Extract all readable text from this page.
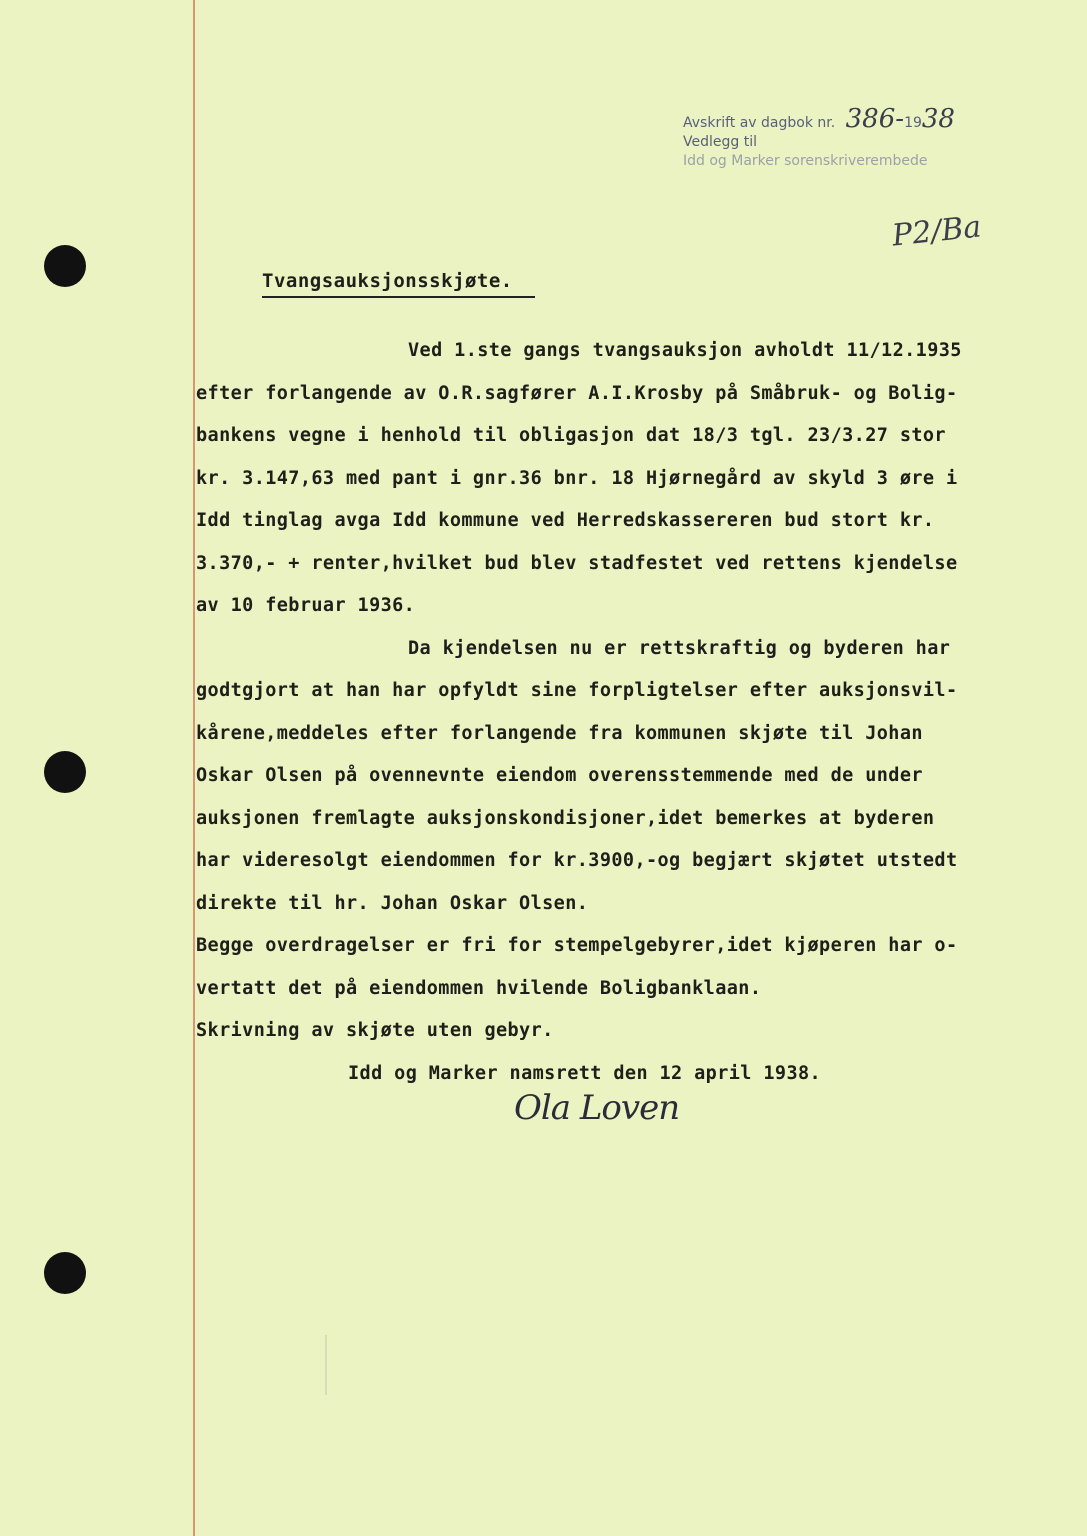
Avskrift av dagbok nr. 386-1938
Vedlegg til
Idd og Marker sorenskriverembede
P2/Ba
Tvangsauksjonsskjøte.
Ved 1.ste gangs tvangsauksjon avholdt 11/12.1935
efter forlangende av O.R.sagfører A.I.Krosby på Småbruk- og Bolig-
bankens vegne i henhold til obligasjon dat 18/3 tgl. 23/3.27 stor
kr. 3.147,63 med pant i gnr.36 bnr. 18 Hjørnegård av skyld 3 øre i
Idd tinglag avga Idd kommune ved Herredskassereren bud stort kr.
3.370,- + renter,hvilket bud blev stadfestet ved rettens kjendelse
av 10 februar 1936.
Da kjendelsen nu er rettskraftig og byderen har
godtgjort at han har opfyldt sine forpligtelser efter auksjonsvil-
kårene,meddeles efter forlangende fra kommunen skjøte til Johan
Oskar Olsen på ovennevnte eiendom overensstemmende med de under
auksjonen fremlagte auksjonskondisjoner,idet bemerkes at byderen
har videresolgt eiendommen for kr.3900,-og begjært skjøtet utstedt
direkte til hr. Johan Oskar Olsen.
Begge overdragelser er fri for stempelgebyrer,idet kjøperen har o-
vertatt det på eiendommen hvilende Boligbanklaan.
Skrivning av skjøte uten gebyr.
Idd og Marker namsrett den 12 april 1938.
Ola Loven
